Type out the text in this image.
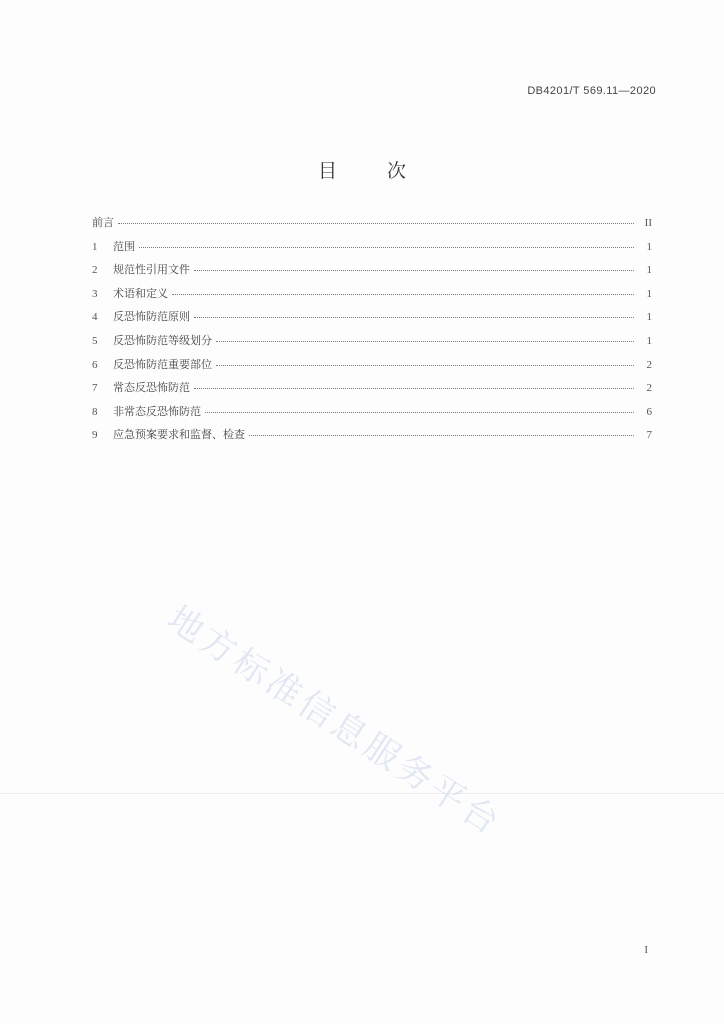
DB4201/T 569.11—2020
目 次
前言	II
1	范围	1
2	规范性引用文件	1
3	术语和定义	1
4	反恐怖防范原则	1
5	反恐怖防范等级划分	1
6	反恐怖防范重要部位	2
7	常态反恐怖防范	2
8	非常态反恐怖防范	6
9	应急预案要求和监督、检查	7
地方标准信息服务平台
I
